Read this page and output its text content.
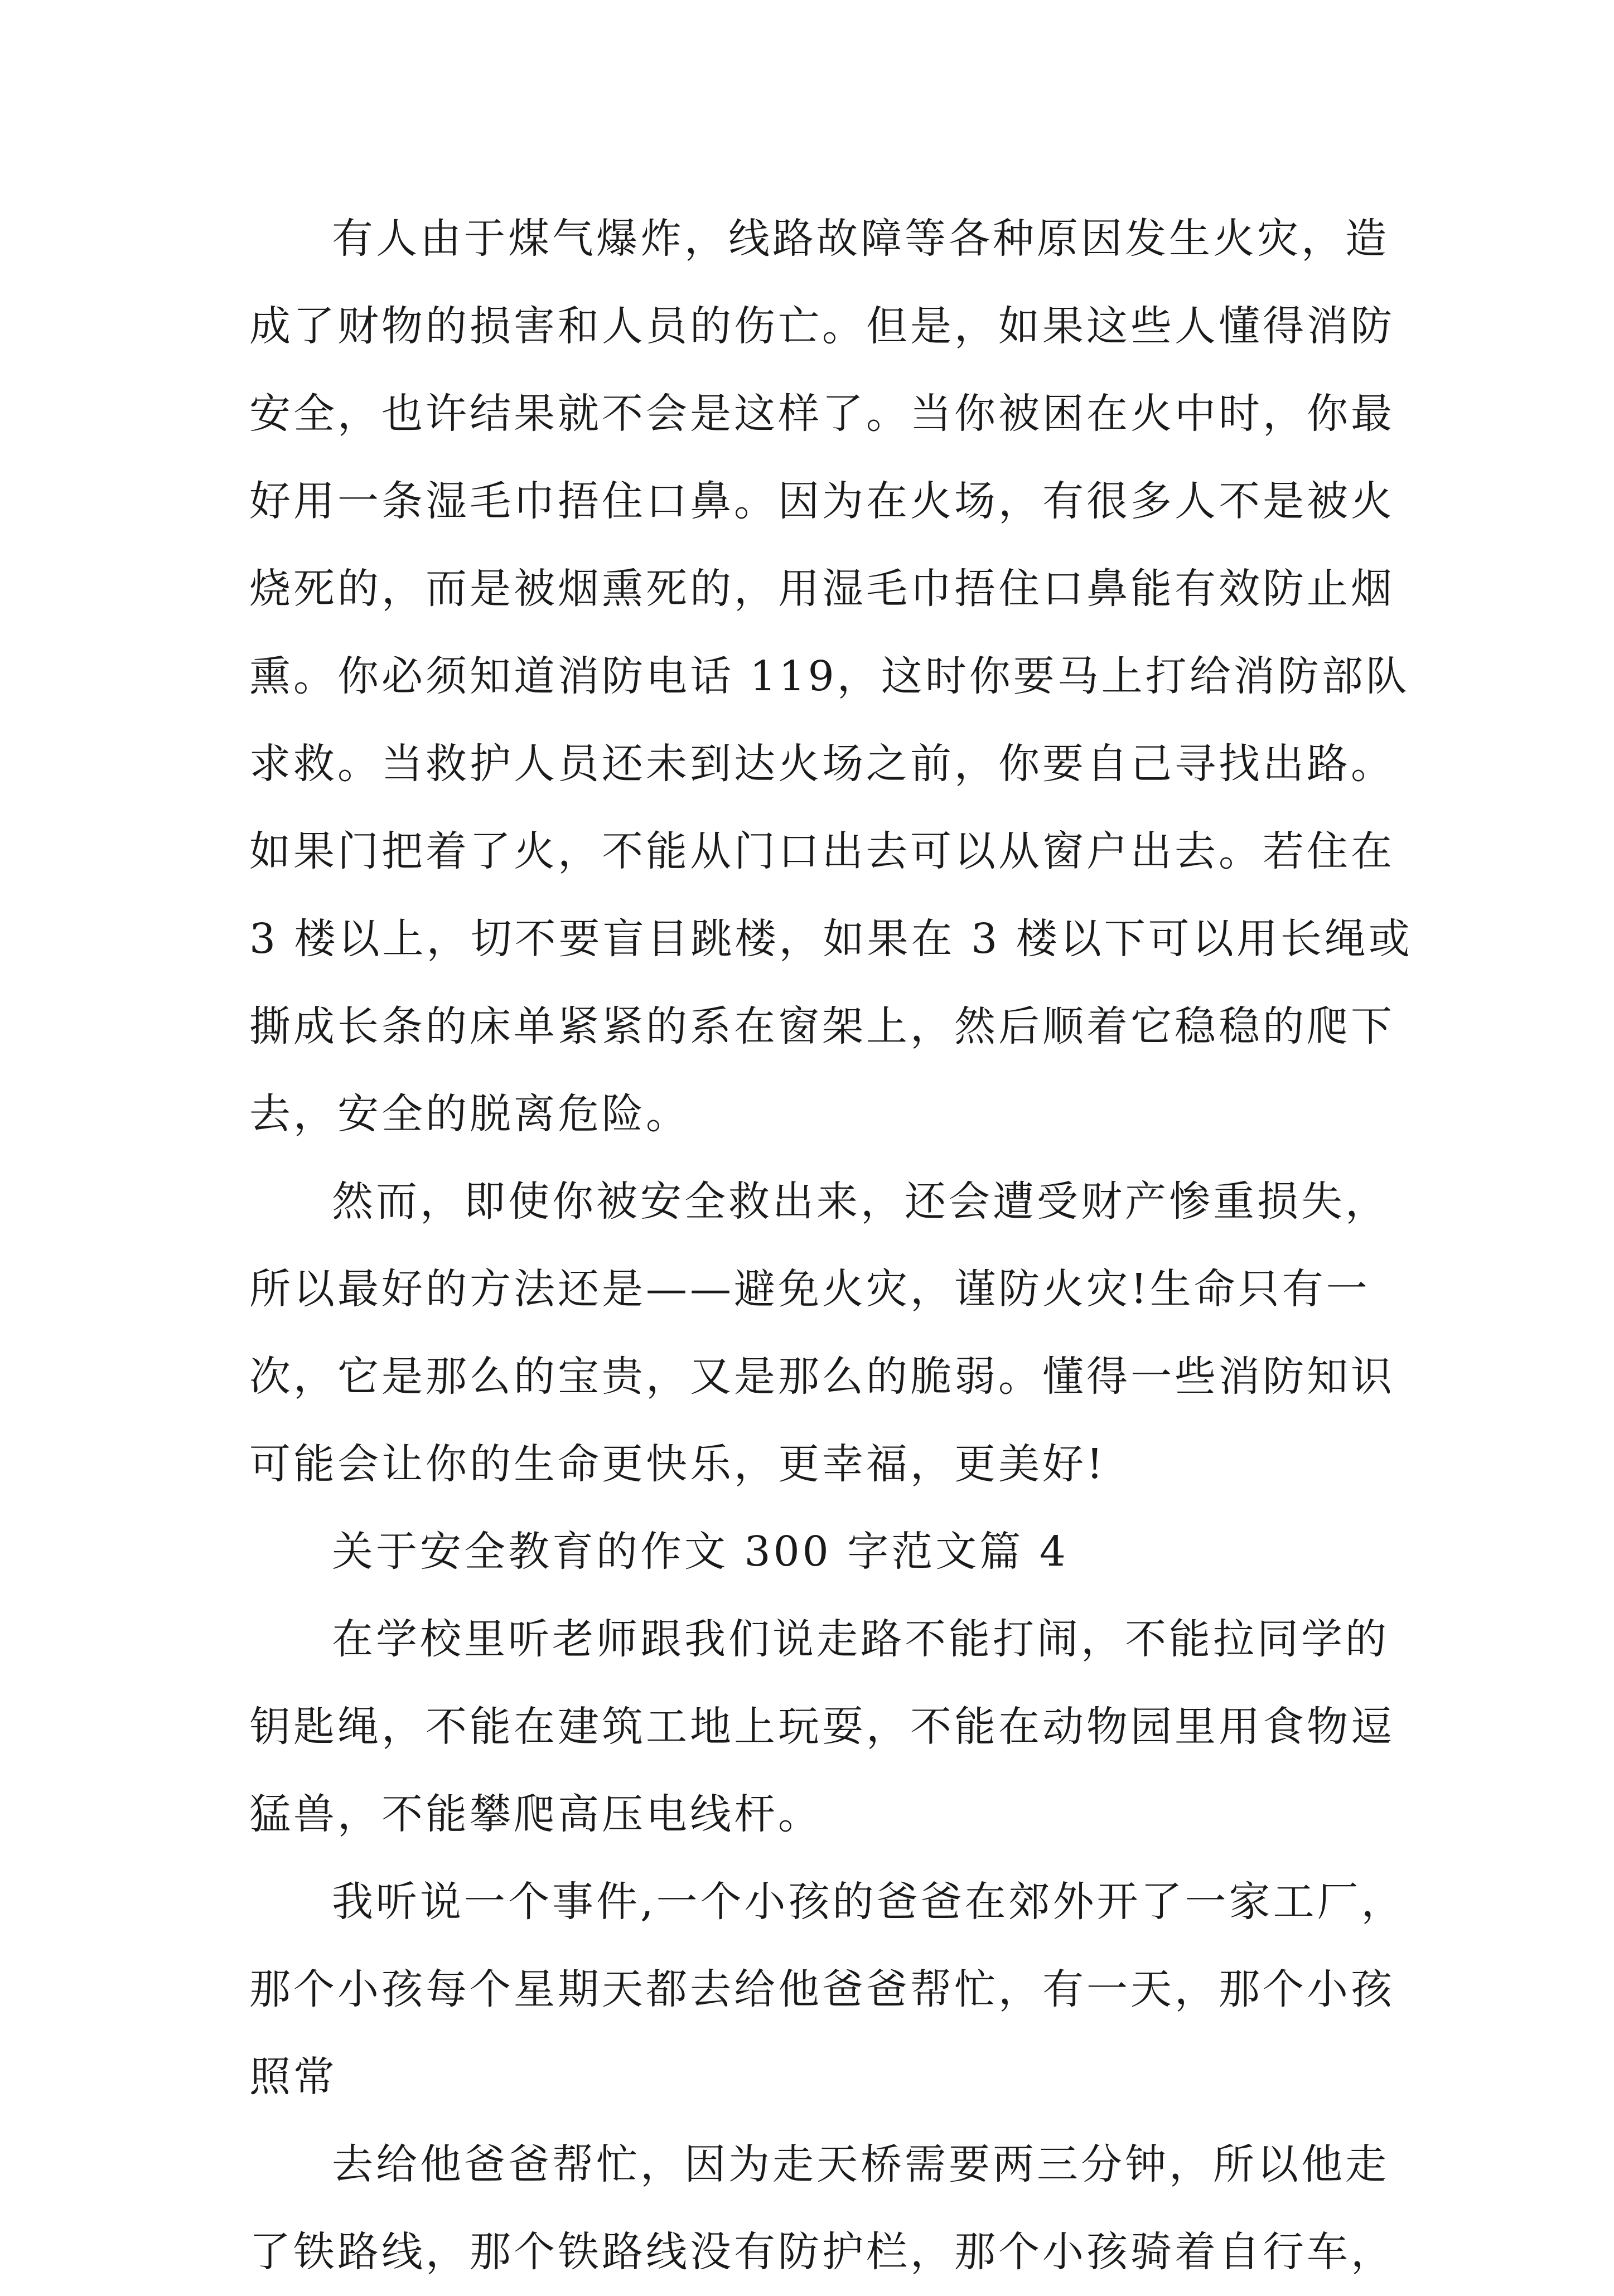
有人由于煤气爆炸，线路故障等各种原因发生火灾，造
成了财物的损害和人员的伤亡。但是，如果这些人懂得消防
安全，也许结果就不会是这样了。当你被困在火中时，你最
好用一条湿毛巾捂住口鼻。因为在火场，有很多人不是被火
烧死的，而是被烟熏死的，用湿毛巾捂住口鼻能有效防止烟
熏。你必须知道消防电话 119，这时你要马上打给消防部队
求救。当救护人员还未到达火场之前，你要自己寻找出路。
如果门把着了火，不能从门口出去可以从窗户出去。若住在
3 楼以上，切不要盲目跳楼，如果在 3 楼以下可以用长绳或
撕成长条的床单紧紧的系在窗架上，然后顺着它稳稳的爬下
去，安全的脱离危险。
然而，即使你被安全救出来，还会遭受财产惨重损失，
所以最好的方法还是——避免火灾，谨防火灾!生命只有一
次，它是那么的宝贵，又是那么的脆弱。懂得一些消防知识
可能会让你的生命更快乐，更幸福，更美好!
关于安全教育的作文 300 字范文篇 4
在学校里听老师跟我们说走路不能打闹，不能拉同学的
钥匙绳，不能在建筑工地上玩耍，不能在动物园里用食物逗
猛兽，不能攀爬高压电线杆。
我听说一个事件,一个小孩的爸爸在郊外开了一家工厂，
那个小孩每个星期天都去给他爸爸帮忙，有一天，那个小孩
照常
去给他爸爸帮忙，因为走天桥需要两三分钟，所以他走
了铁路线，那个铁路线没有防护栏，那个小孩骑着自行车，
